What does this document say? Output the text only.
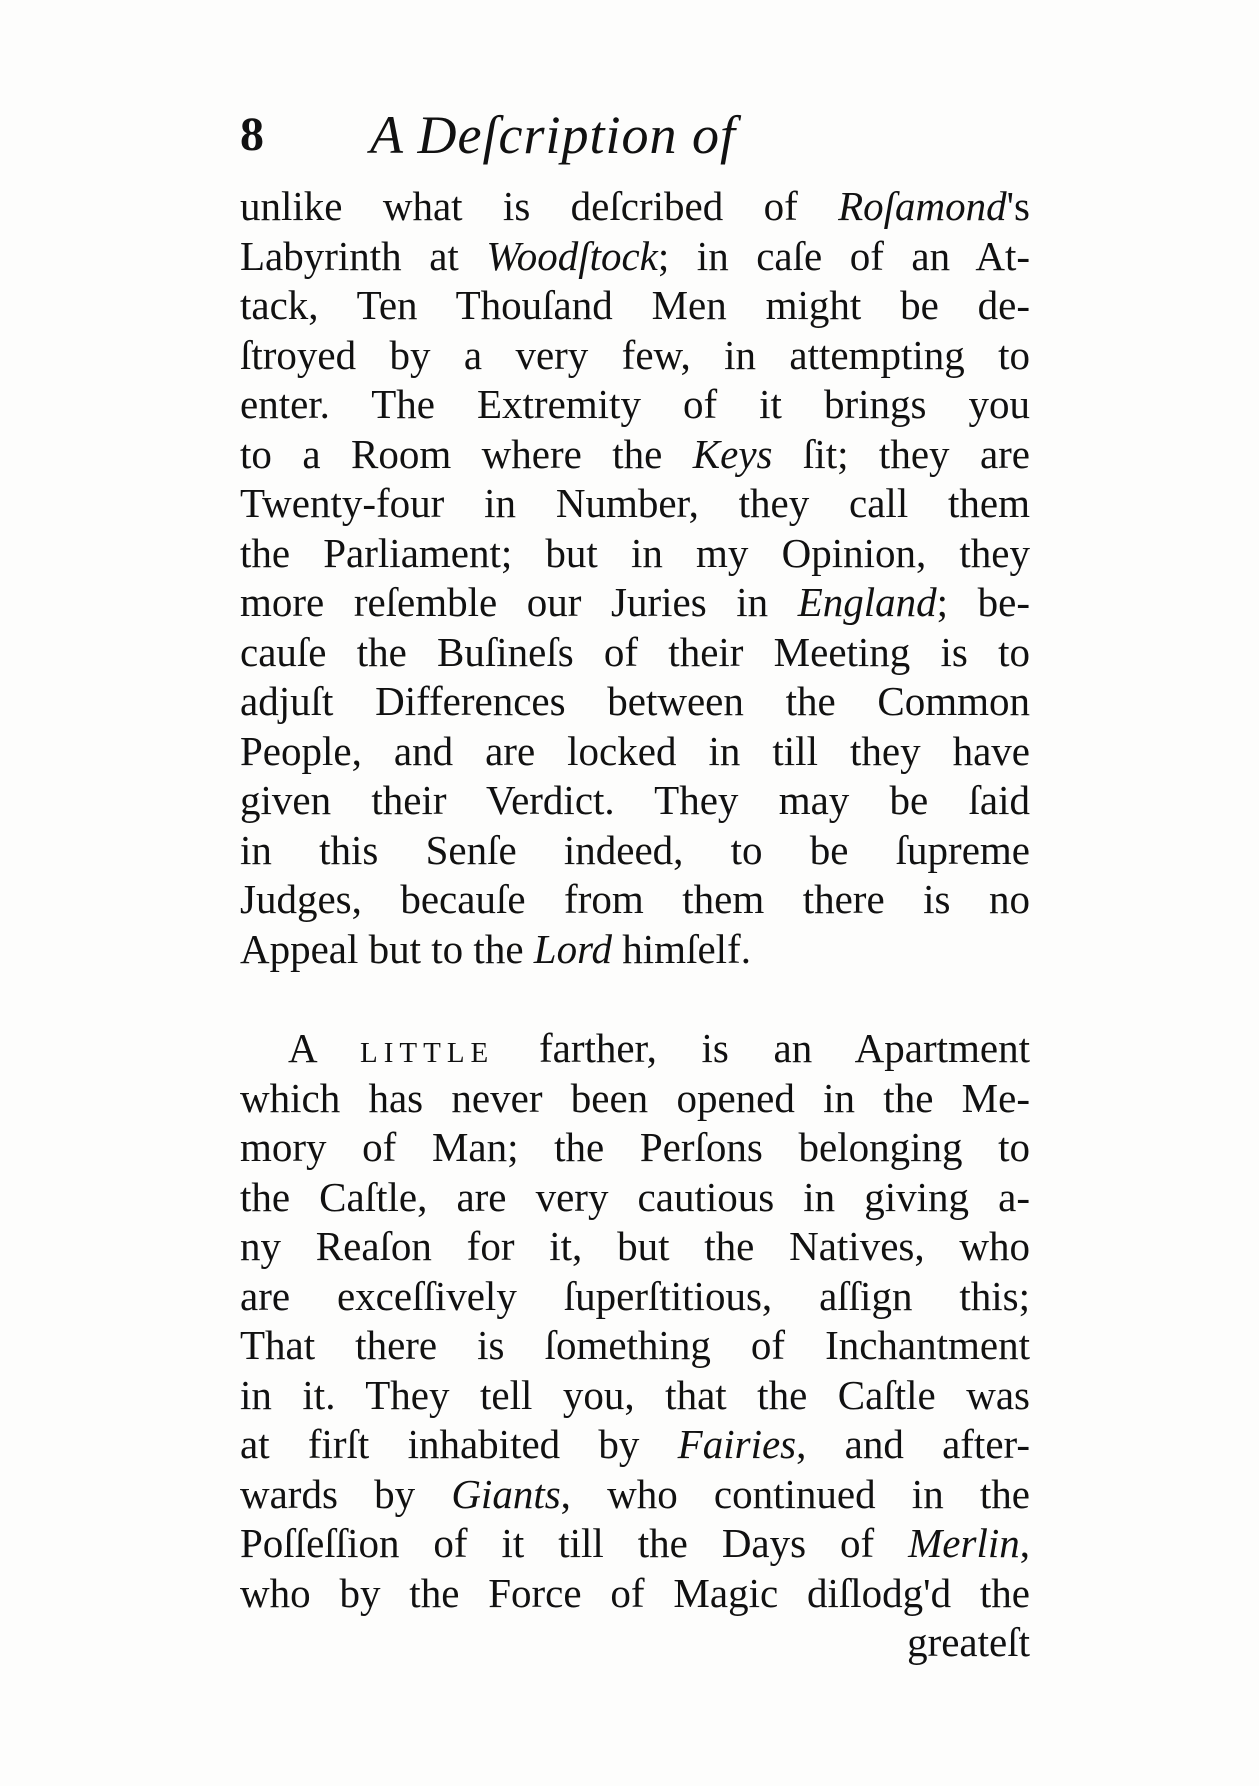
8 A Deſcription of
unlike what is deſcribed of Roſamond's
Labyrinth at Woodſtock; in caſe of an At-
tack, Ten Thouſand Men might be de-
ſtroyed by a very few, in attempting to
enter. The Extremity of it brings you
to a Room where the Keys ſit; they are
Twenty-four in Number, they call them
the Parliament; but in my Opinion, they
more reſemble our Juries in England; be-
cauſe the Buſineſs of their Meeting is to
adjuſt Differences between the Common
People, and are locked in till they have
given their Verdict. They may be ſaid
in this Senſe indeed, to be ſupreme
Judges, becauſe from them there is no
Appeal but to the Lord himſelf.
A little farther, is an Apartment
which has never been opened in the Me-
mory of Man; the Perſons belonging to
the Caſtle, are very cautious in giving a-
ny Reaſon for it, but the Natives, who
are exceſſively ſuperſtitious, aſſign this;
That there is ſomething of Inchantment
in it. They tell you, that the Caſtle was
at firſt inhabited by Fairies, and after-
wards by Giants, who continued in the
Poſſeſſion of it till the Days of Merlin,
who by the Force of Magic diſlodg'd the
greateſt
